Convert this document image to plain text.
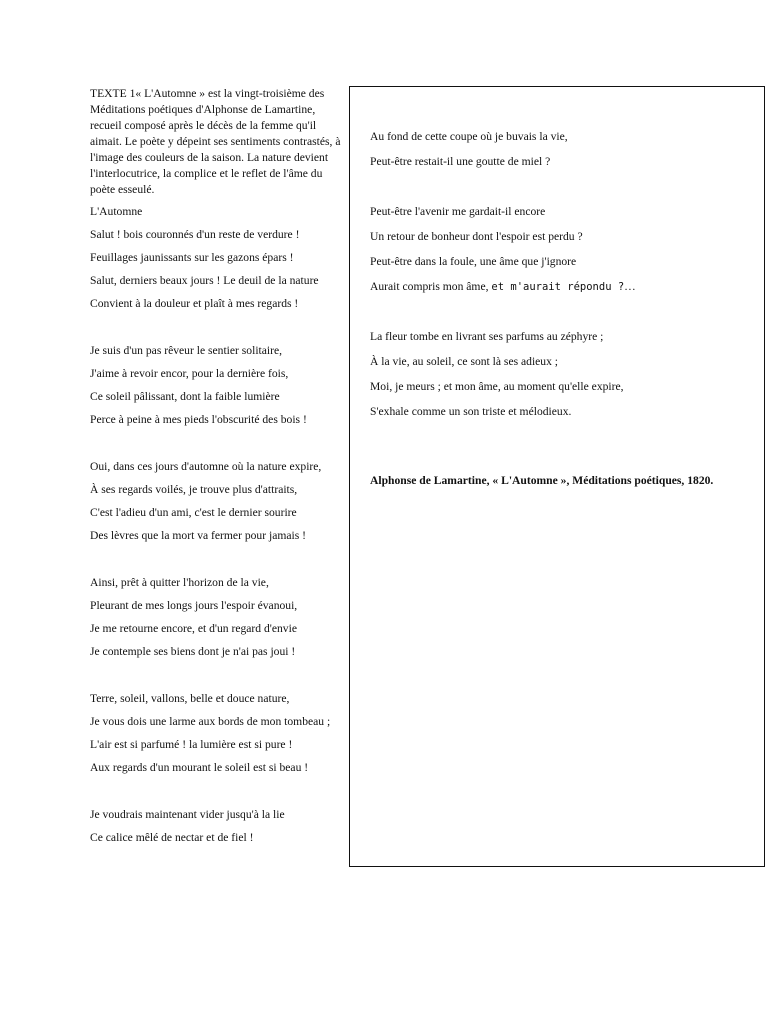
TEXTE 1« L'Automne » est la vingt-troisième des Méditations poétiques d'Alphonse de Lamartine, recueil composé après le décès de la femme qu'il aimait. Le poète y dépeint ses sentiments contrastés, à l'image des couleurs de la saison. La nature devient l'interlocutrice, la complice et le reflet de l'âme du poète esseulé.

L'Automne

Salut ! bois couronnés d'un reste de verdure !

Feuillages jaunissants sur les gazons épars !

Salut, derniers beaux jours ! Le deuil de la nature

Convient à la douleur et plaît à mes regards !

Je suis d'un pas rêveur le sentier solitaire,

J'aime à revoir encor, pour la dernière fois,

Ce soleil pâlissant, dont la faible lumière

Perce à peine à mes pieds l'obscurité des bois !

Oui, dans ces jours d'automne où la nature expire,

À ses regards voilés, je trouve plus d'attraits,

C'est l'adieu d'un ami, c'est le dernier sourire

Des lèvres que la mort va fermer pour jamais !

Ainsi, prêt à quitter l'horizon de la vie,

Pleurant de mes longs jours l'espoir évanoui,

Je me retourne encore, et d'un regard d'envie

Je contemple ses biens dont je n'ai pas joui !

Terre, soleil, vallons, belle et douce nature,

Je vous dois une larme aux bords de mon tombeau ;

L'air est si parfumé ! la lumière est si pure !

Aux regards d'un mourant le soleil est si beau !

Je voudrais maintenant vider jusqu'à la lie

Ce calice mêlé de nectar et de fiel !

Au fond de cette coupe où je buvais la vie,

Peut-être restait-il une goutte de miel ?

Peut-être l'avenir me gardait-il encore

Un retour de bonheur dont l'espoir est perdu ?

Peut-être dans la foule, une âme que j'ignore

Aurait compris mon âme, et m'aurait répondu ?…

La fleur tombe en livrant ses parfums au zéphyre ;

À la vie, au soleil, ce sont là ses adieux ;

Moi, je meurs ; et mon âme, au moment qu'elle expire,

S'exhale comme un son triste et mélodieux.

Alphonse de Lamartine, « L'Automne », Méditations poétiques, 1820.
